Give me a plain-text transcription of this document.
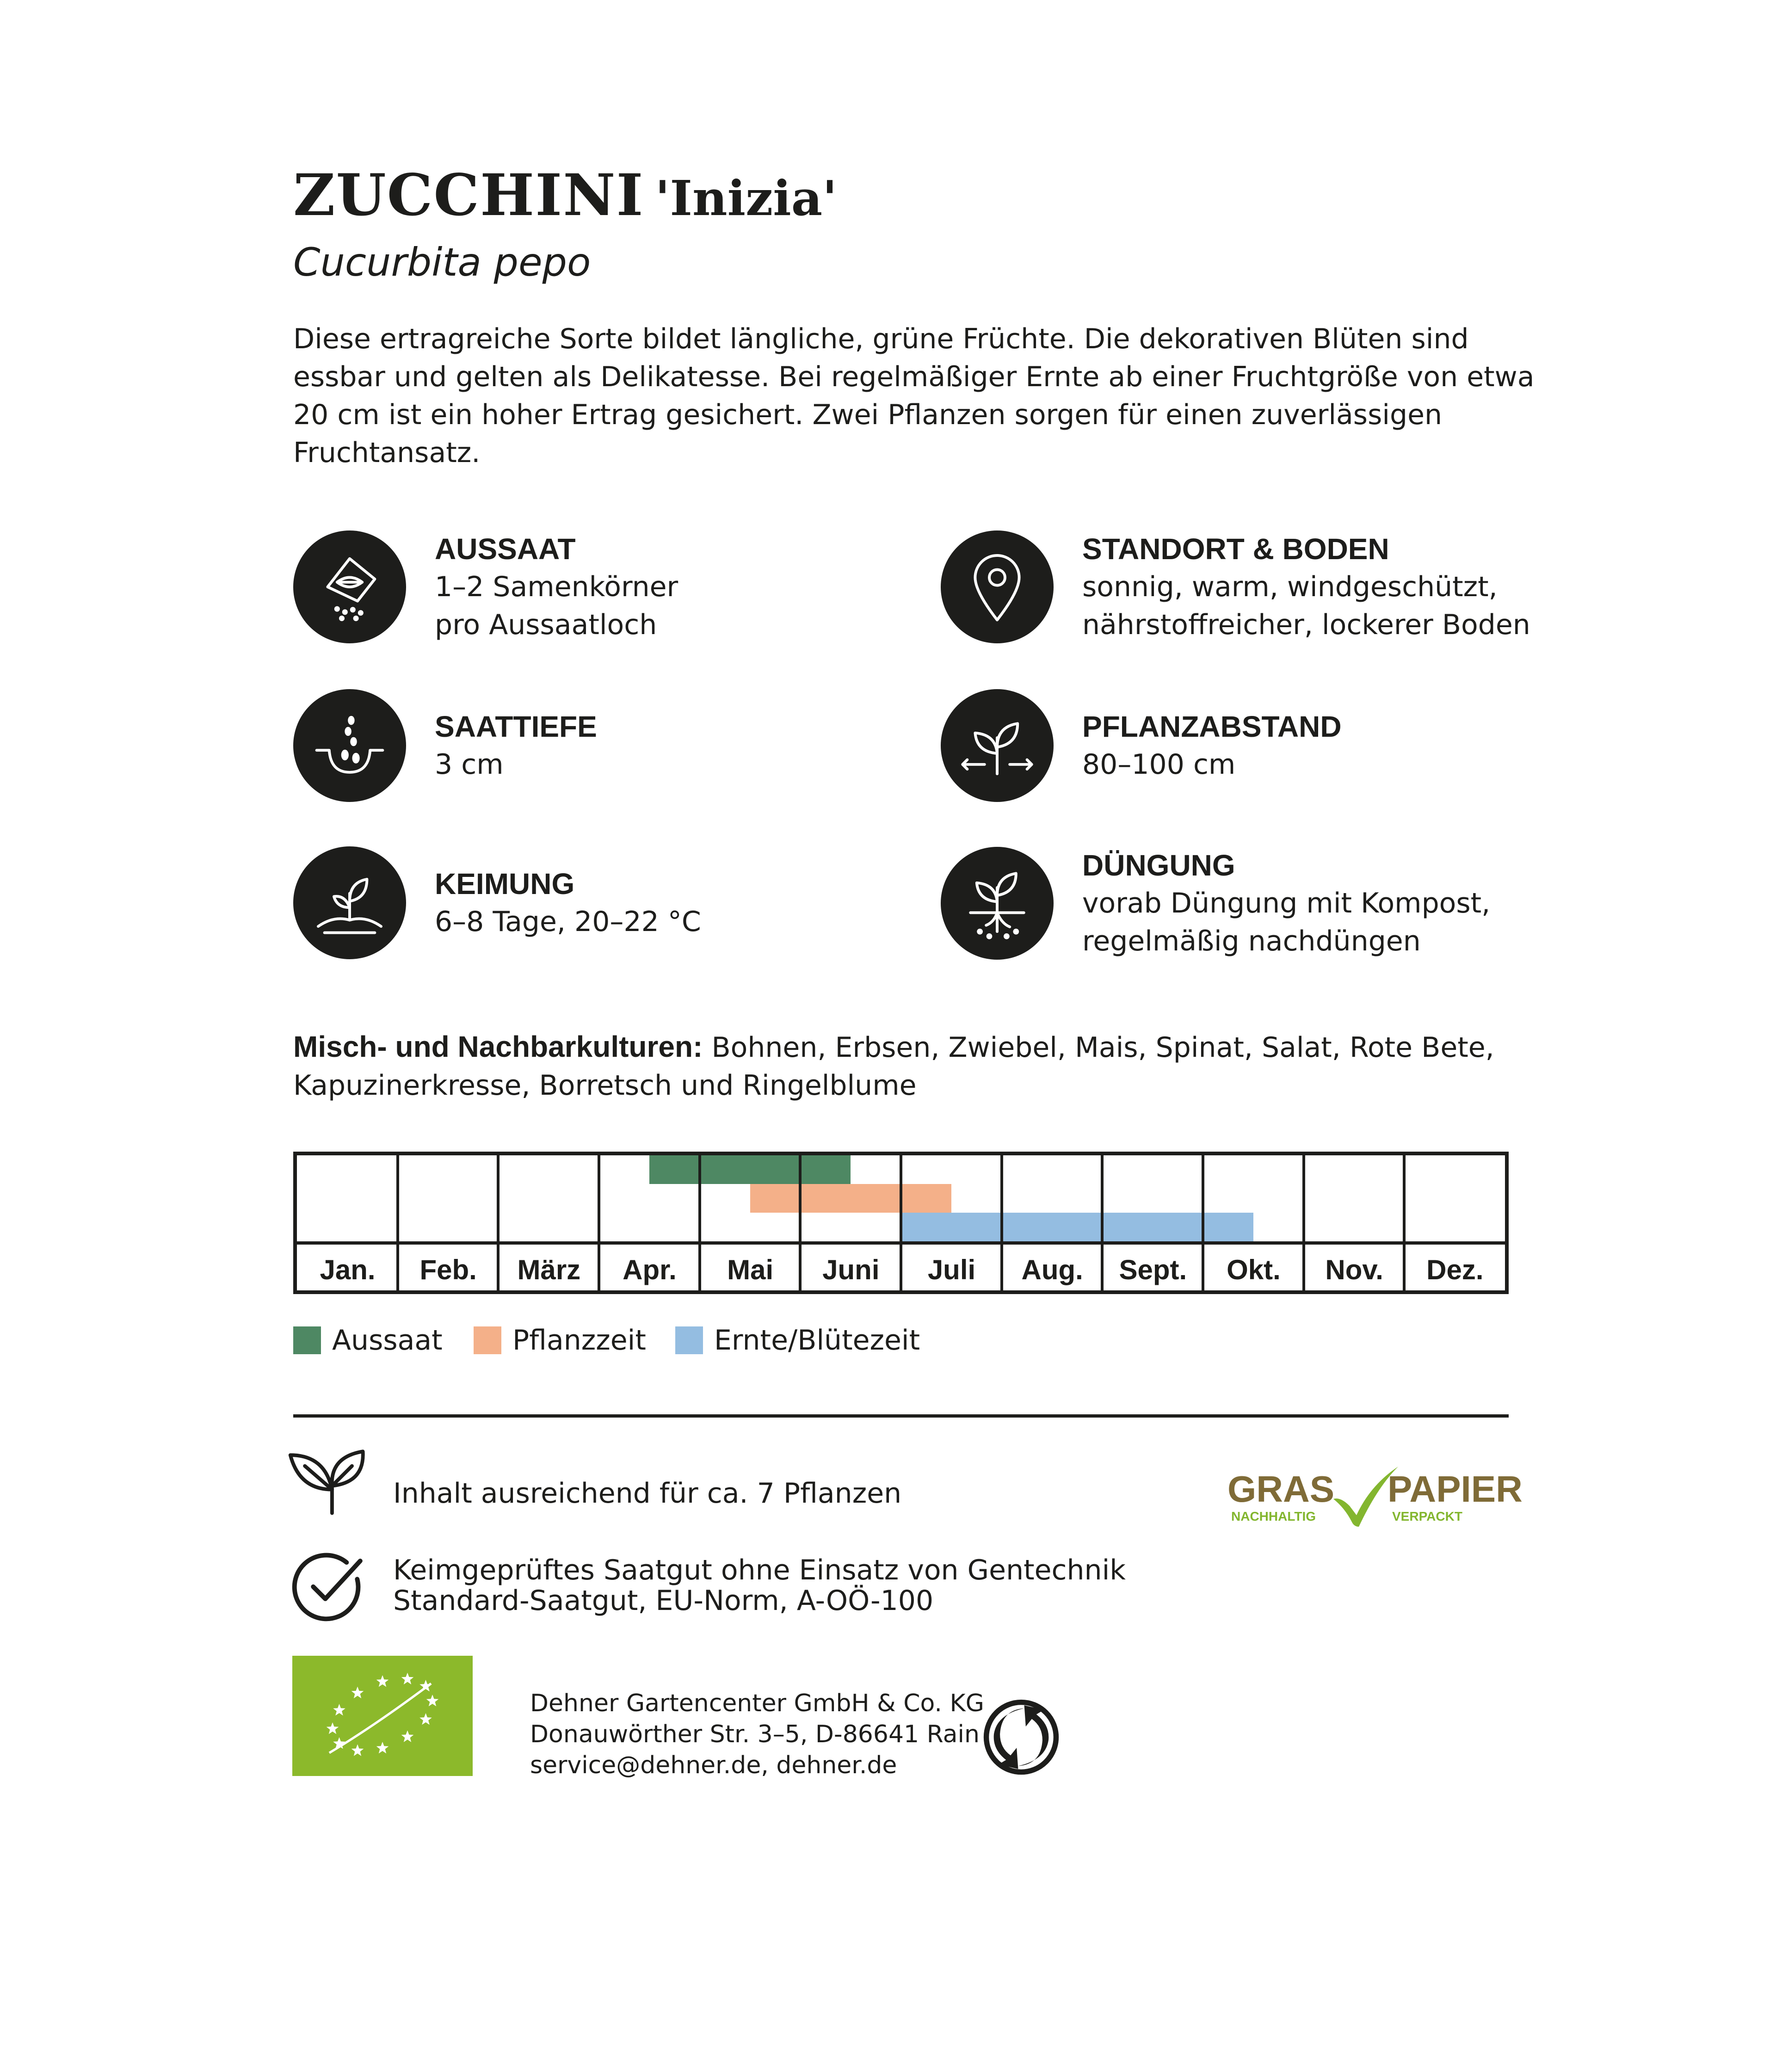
ZUCCHINI 'Inizia'
Cucurbita pepo
Diese ertragreiche Sorte bildet längliche, grüne Früchte. Die dekorativen Blüten sind essbar und gelten als Delikatesse. Bei regelmäßiger Ernte ab einer Fruchtgröße von etwa 20 cm ist ein hoher Ertrag gesichert. Zwei Pflanzen sorgen für einen zuverlässigen Fruchtansatz.
AUSSAAT
1–2 Samenkörner
pro Aussaatloch
SAATTIEFE
3 cm
KEIMUNG
6–8 Tage, 20–22 °C
STANDORT & BODEN
sonnig, warm, windgeschützt,
nährstoffreicher, lockerer Boden
PFLANZABSTAND
80–100 cm
DÜNGUNG
vorab Düngung mit Kompost,
regelmäßig nachdüngen
Misch- und Nachbarkulturen: Bohnen, Erbsen, Zwiebel, Mais, Spinat, Salat, Rote Bete, Kapuzinerkresse, Borretsch und Ringelblume
Jan.	Feb.	März	Apr.	Mai	Juni	Juli	Aug.	Sept.	Okt.	Nov.	Dez.
Aussaat	Pflanzzeit Ernte/Blütezeit
Inhalt ausreichend für ca. 7 Pflanzen
Keimgeprüftes Saatgut ohne Einsatz von Gentechnik
Standard-Saatgut, EU-Norm, A-OÖ-100
GRAS
NACHHALTIG
PAPIER
VERPACKT
Dehner Gartencenter GmbH & Co. KG
Donauwörther Str. 3–5, D-86641 Rain
service@dehner.de, dehner.de
